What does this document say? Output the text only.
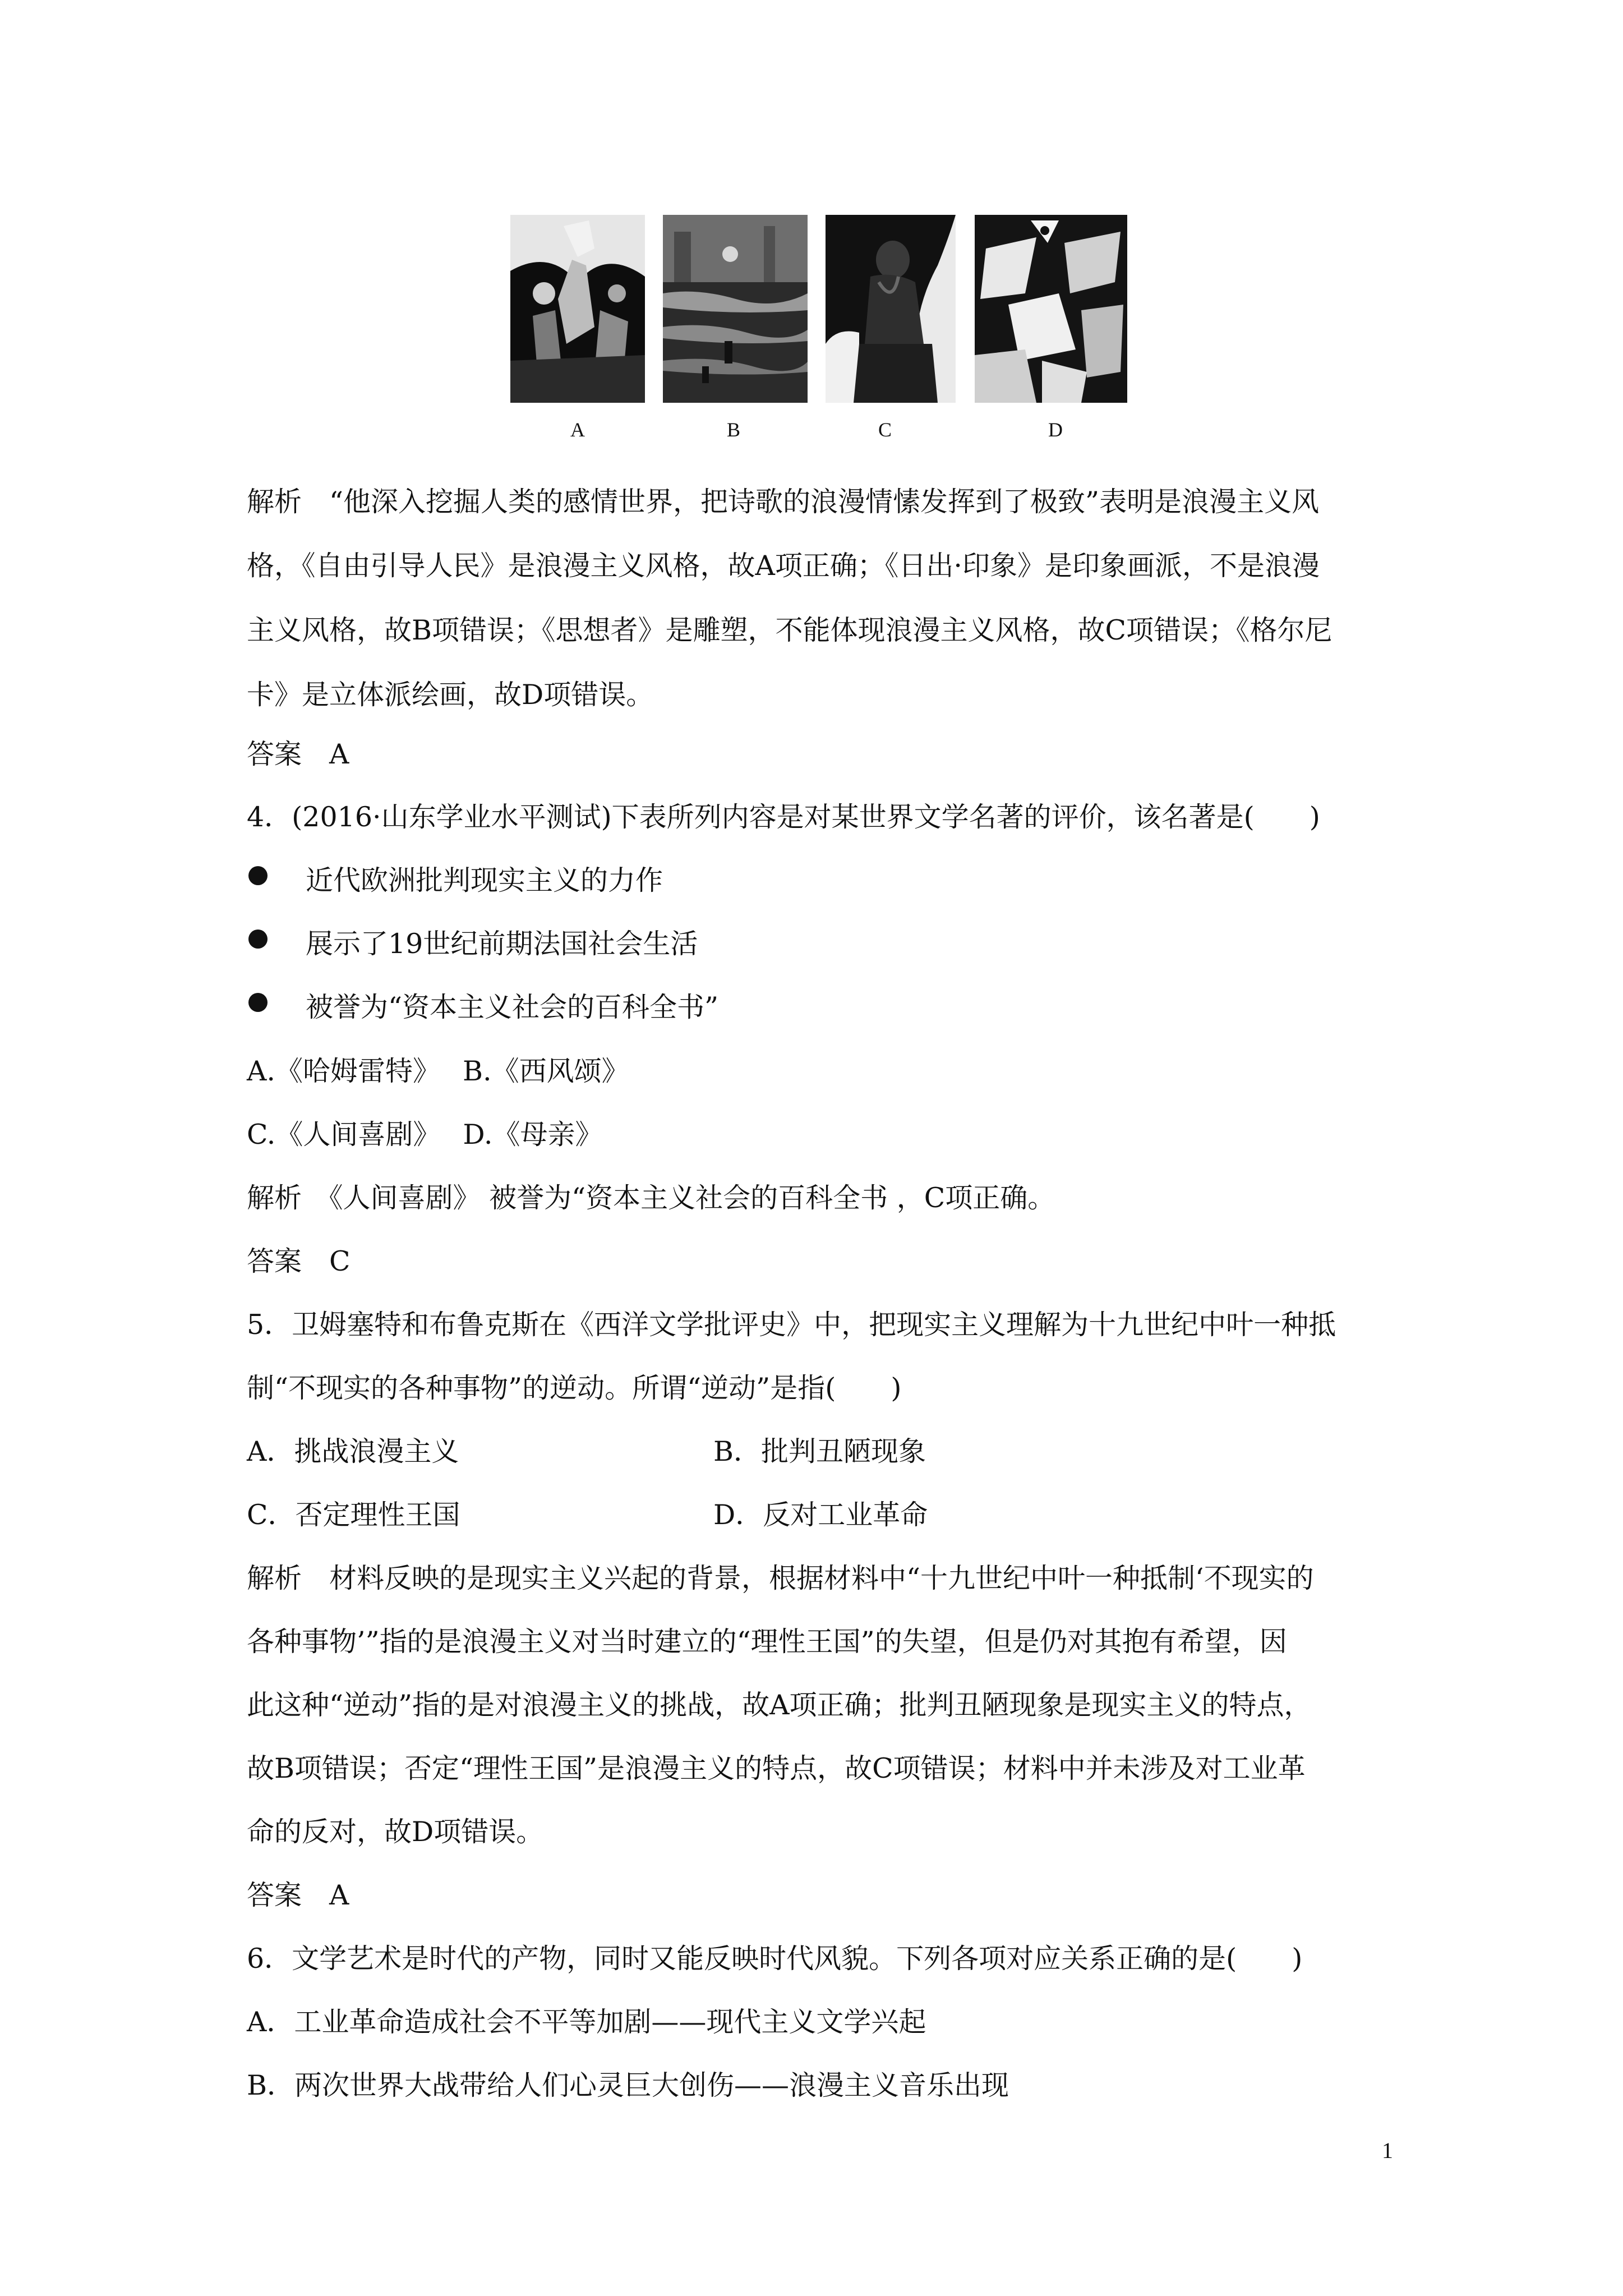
A	B	C	D
解析　“他深入挖掘人类的感情世界，把诗歌的浪漫情愫发挥到了极致”表明是浪漫主义风
格，《自由引导人民》是浪漫主义风格，故A项正确；《日出·印象》是印象画派，不是浪漫
主义风格，故B项错误；《思想者》是雕塑，不能体现浪漫主义风格，故C项错误；《格尔尼
卡》是立体派绘画，故D项错误。
答案　A
4．(2016·山东学业水平测试)下表所列内容是对某世界文学名著的评价，该名著是(　　)
近代欧洲批判现实主义的力作
展示了19世纪前期法国社会生活
被誉为“资本主义社会的百科全书”
A.《哈姆雷特》　 B.《西风颂》
C.《人间喜剧》　 D.《母亲》
解析　《人间喜剧》 被誉为“资本主义社会的百科全书 ，C项正确。
答案　C
5．卫姆塞特和布鲁克斯在《西洋文学批评史》中，把现实主义理解为十九世纪中叶一种抵
制“不现实的各种事物”的逆动。所谓“逆动”是指(　　)
A．挑战浪漫主义	B．批判丑陋现象
C．否定理性王国	D．反对工业革命
解析　材料反映的是现实主义兴起的背景，根据材料中“十九世纪中叶一种抵制‘不现实的
各种事物’”指的是浪漫主义对当时建立的“理性王国”的失望，但是仍对其抱有希望，因
此这种“逆动”指的是对浪漫主义的挑战，故A项正确；批判丑陋现象是现实主义的特点，
故B项错误；否定“理性王国”是浪漫主义的特点，故C项错误；材料中并未涉及对工业革
命的反对，故D项错误。
答案　A
6．文学艺术是时代的产物，同时又能反映时代风貌。下列各项对应关系正确的是(　　)
A．工业革命造成社会不平等加剧——现代主义文学兴起
B．两次世界大战带给人们心灵巨大创伤——浪漫主义音乐出现
1
